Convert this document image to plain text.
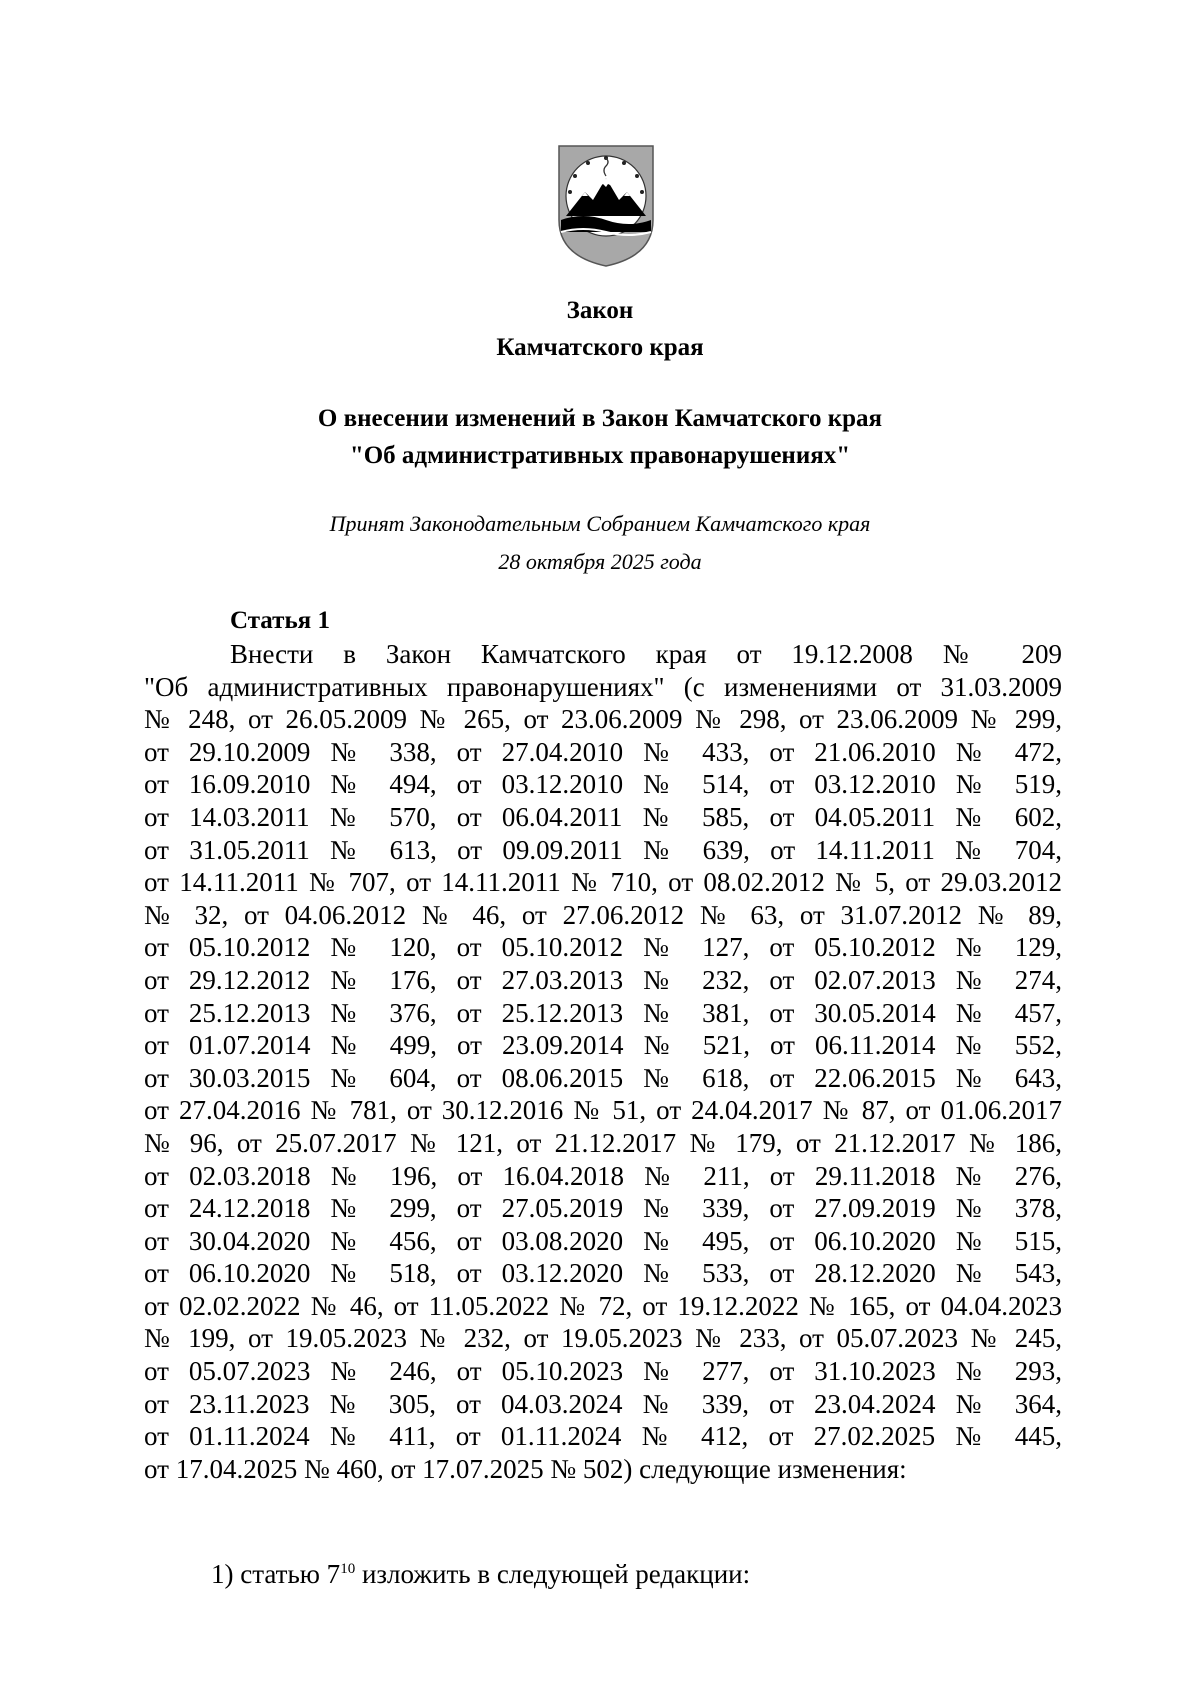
Закон
Камчатского края
О внесении изменений в Закон Камчатского края
"Об административных правонарушениях"
Принят Законодательным Собранием Камчатского края
28 октября 2025 года
Статья 1
Внести в Закон Камчатского края от 19.12.2008 № 209
"Об административных правонарушениях" (с изменениями от 31.03.2009
№ 248, от 26.05.2009 № 265, от 23.06.2009 № 298, от 23.06.2009 № 299,
от 29.10.2009 № 338, от 27.04.2010 № 433, от 21.06.2010 № 472,
от 16.09.2010 № 494, от 03.12.2010 № 514, от 03.12.2010 № 519,
от 14.03.2011 № 570, от 06.04.2011 № 585, от 04.05.2011 № 602,
от 31.05.2011 № 613, от 09.09.2011 № 639, от 14.11.2011 № 704,
от 14.11.2011 № 707, от 14.11.2011 № 710, от 08.02.2012 № 5, от 29.03.2012
№ 32, от 04.06.2012 № 46, от 27.06.2012 № 63, от 31.07.2012 № 89,
от 05.10.2012 № 120, от 05.10.2012 № 127, от 05.10.2012 № 129,
от 29.12.2012 № 176, от 27.03.2013 № 232, от 02.07.2013 № 274,
от 25.12.2013 № 376, от 25.12.2013 № 381, от 30.05.2014 № 457,
от 01.07.2014 № 499, от 23.09.2014 № 521, от 06.11.2014 № 552,
от 30.03.2015 № 604, от 08.06.2015 № 618, от 22.06.2015 № 643,
от 27.04.2016 № 781, от 30.12.2016 № 51, от 24.04.2017 № 87, от 01.06.2017
№ 96, от 25.07.2017 № 121, от 21.12.2017 № 179, от 21.12.2017 № 186,
от 02.03.2018 № 196, от 16.04.2018 № 211, от 29.11.2018 № 276,
от 24.12.2018 № 299, от 27.05.2019 № 339, от 27.09.2019 № 378,
от 30.04.2020 № 456, от 03.08.2020 № 495, от 06.10.2020 № 515,
от 06.10.2020 № 518, от 03.12.2020 № 533, от 28.12.2020 № 543,
от 02.02.2022 № 46, от 11.05.2022 № 72, от 19.12.2022 № 165, от 04.04.2023
№ 199, от 19.05.2023 № 232, от 19.05.2023 № 233, от 05.07.2023 № 245,
от 05.07.2023 № 246, от 05.10.2023 № 277, от 31.10.2023 № 293,
от 23.11.2023 № 305, от 04.03.2024 № 339, от 23.04.2024 № 364,
от 01.11.2024 № 411, от 01.11.2024 № 412, от 27.02.2025 № 445,
от 17.04.2025 № 460, от 17.07.2025 № 502) следующие изменения:
1) статью $7^{10}$ изложить в следующей редакции:
